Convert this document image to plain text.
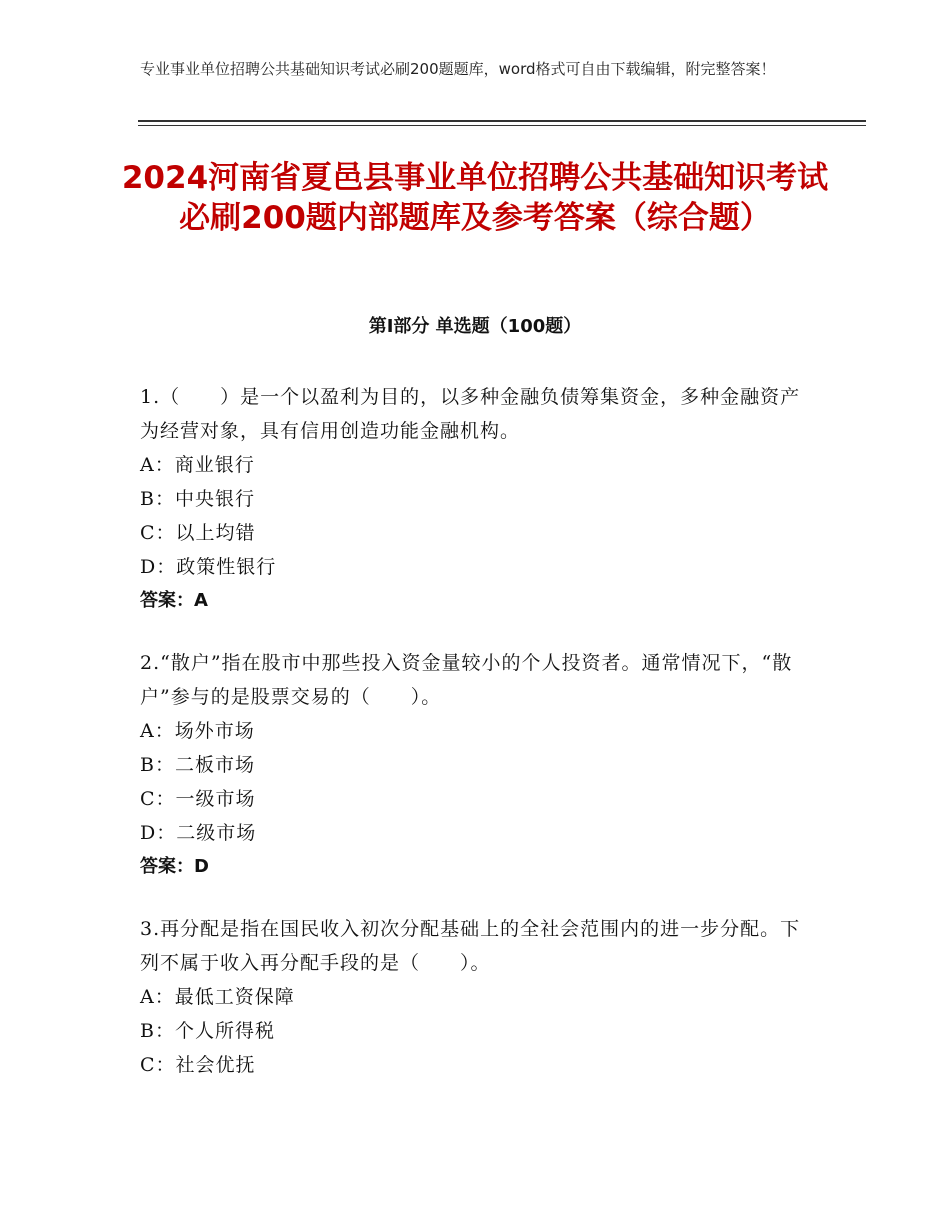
专业事业单位招聘公共基础知识考试必刷200题题库，word格式可自由下载编辑，附完整答案！
2024河南省夏邑县事业单位招聘公共基础知识考试必刷200题内部题库及参考答案（综合题）
第I部分 单选题（100题）

1.（　　）是一个以盈利为目的，以多种金融负债筹集资金，多种金融资产为经营对象，具有信用创造功能金融机构。

A：商业银行

B：中央银行

C：以上均错

D：政策性银行

答案：A

2.“散户”指在股市中那些投入资金量较小的个人投资者。通常情况下，“散户”参与的是股票交易的（　　）。

A：场外市场

B：二板市场

C：一级市场

D：二级市场

答案：D

3.再分配是指在国民收入初次分配基础上的全社会范围内的进一步分配。下列不属于收入再分配手段的是（　　）。

A：最低工资保障

B：个人所得税

C：社会优抚
